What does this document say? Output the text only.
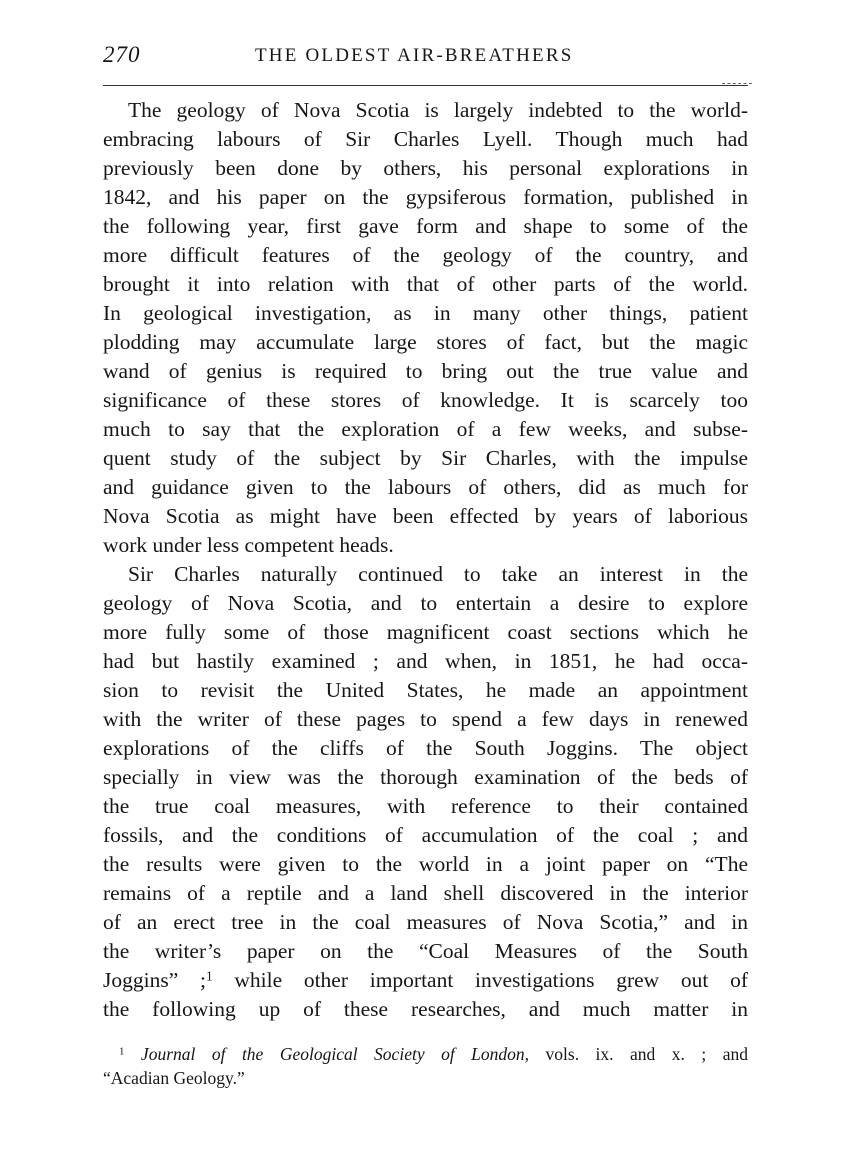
270	THE OLDEST AIR-BREATHERS
The geology of Nova Scotia is largely indebted to the world-
embracing labours of Sir Charles Lyell. Though much had
previously been done by others, his personal explorations in
1842, and his paper on the gypsiferous formation, published in
the following year, first gave form and shape to some of the
more difficult features of the geology of the country, and
brought it into relation with that of other parts of the world.
In geological investigation, as in many other things, patient
plodding may accumulate large stores of fact, but the magic
wand of genius is required to bring out the true value and
significance of these stores of knowledge. It is scarcely too
much to say that the exploration of a few weeks, and subse-
quent study of the subject by Sir Charles, with the impulse
and guidance given to the labours of others, did as much for
Nova Scotia as might have been effected by years of laborious
work under less competent heads.
Sir Charles naturally continued to take an interest in the
geology of Nova Scotia, and to entertain a desire to explore
more fully some of those magnificent coast sections which he
had but hastily examined ; and when, in 1851, he had occa-
sion to revisit the United States, he made an appointment
with the writer of these pages to spend a few days in renewed
explorations of the cliffs of the South Joggins. The object
specially in view was the thorough examination of the beds of
the true coal measures, with reference to their contained
fossils, and the conditions of accumulation of the coal ; and
the results were given to the world in a joint paper on “The
remains of a reptile and a land shell discovered in the interior
of an erect tree in the coal measures of Nova Scotia,” and in
the writer’s paper on the “Coal Measures of the South
Joggins” ;$^1$ while other important investigations grew out of
the following up of these researches, and much matter in
$^1$ Journal of the Geological Society of London, vols. ix. and x. ; and
“Acadian Geology.”
